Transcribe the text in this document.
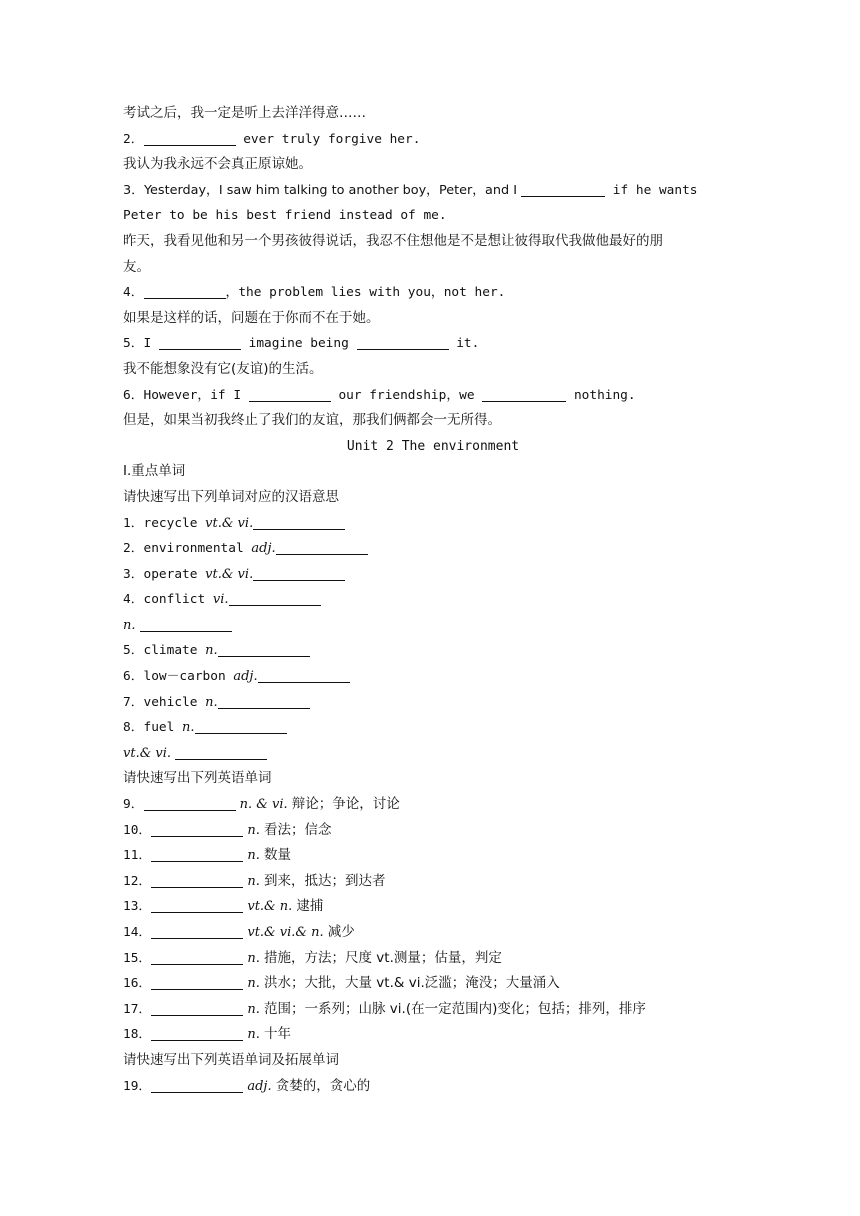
考试之后，我一定是听上去洋洋得意……
2．	ever truly forgive her.
我认为我永远不会真正原谅她。
3．Yesterday，I saw him talking to another boy，Peter，and I	if he wants
Peter to be his best friend instead of me.
昨天，我看见他和另一个男孩彼得说话，我忍不住想他是不是想让彼得取代我做他最好的朋
友。
4．	，the problem lies with you，not her.
如果是这样的话，问题在于你而不在于她。
5．I	imagine being	it.
我不能想象没有它(友谊)的生活。
6．However，if I	our friendship，we	nothing.
但是，如果当初我终止了我们的友谊，那我们俩都会一无所得。
Unit 2 The environment
Ⅰ.重点单词
请快速写出下列单词对应的汉语意思
1．recycle vt.& vi.
2．environmental adj.
3．operate vt.& vi.
4．conflict vi.
n.
5．climate n.
6．low－carbon adj.
7．vehicle n.
8．fuel n.
vt.& vi.
请快速写出下列英语单词
9．	n. & vi. 辩论；争论，讨论
10．	n. 看法；信念
11．	n. 数量
12．	n. 到来，抵达；到达者
13．	vt.& n. 逮捕
14．	vt.& vi.& n. 减少
15．	n. 措施，方法；尺度 vt.测量；估量，判定
16．	n. 洪水；大批，大量 vt.& vi.泛滥；淹没；大量涌入
17．	n. 范围；一系列；山脉 vi.(在一定范围内)变化；包括；排列，排序
18．	n. 十年
请快速写出下列英语单词及拓展单词
19．	adj. 贪婪的，贪心的
